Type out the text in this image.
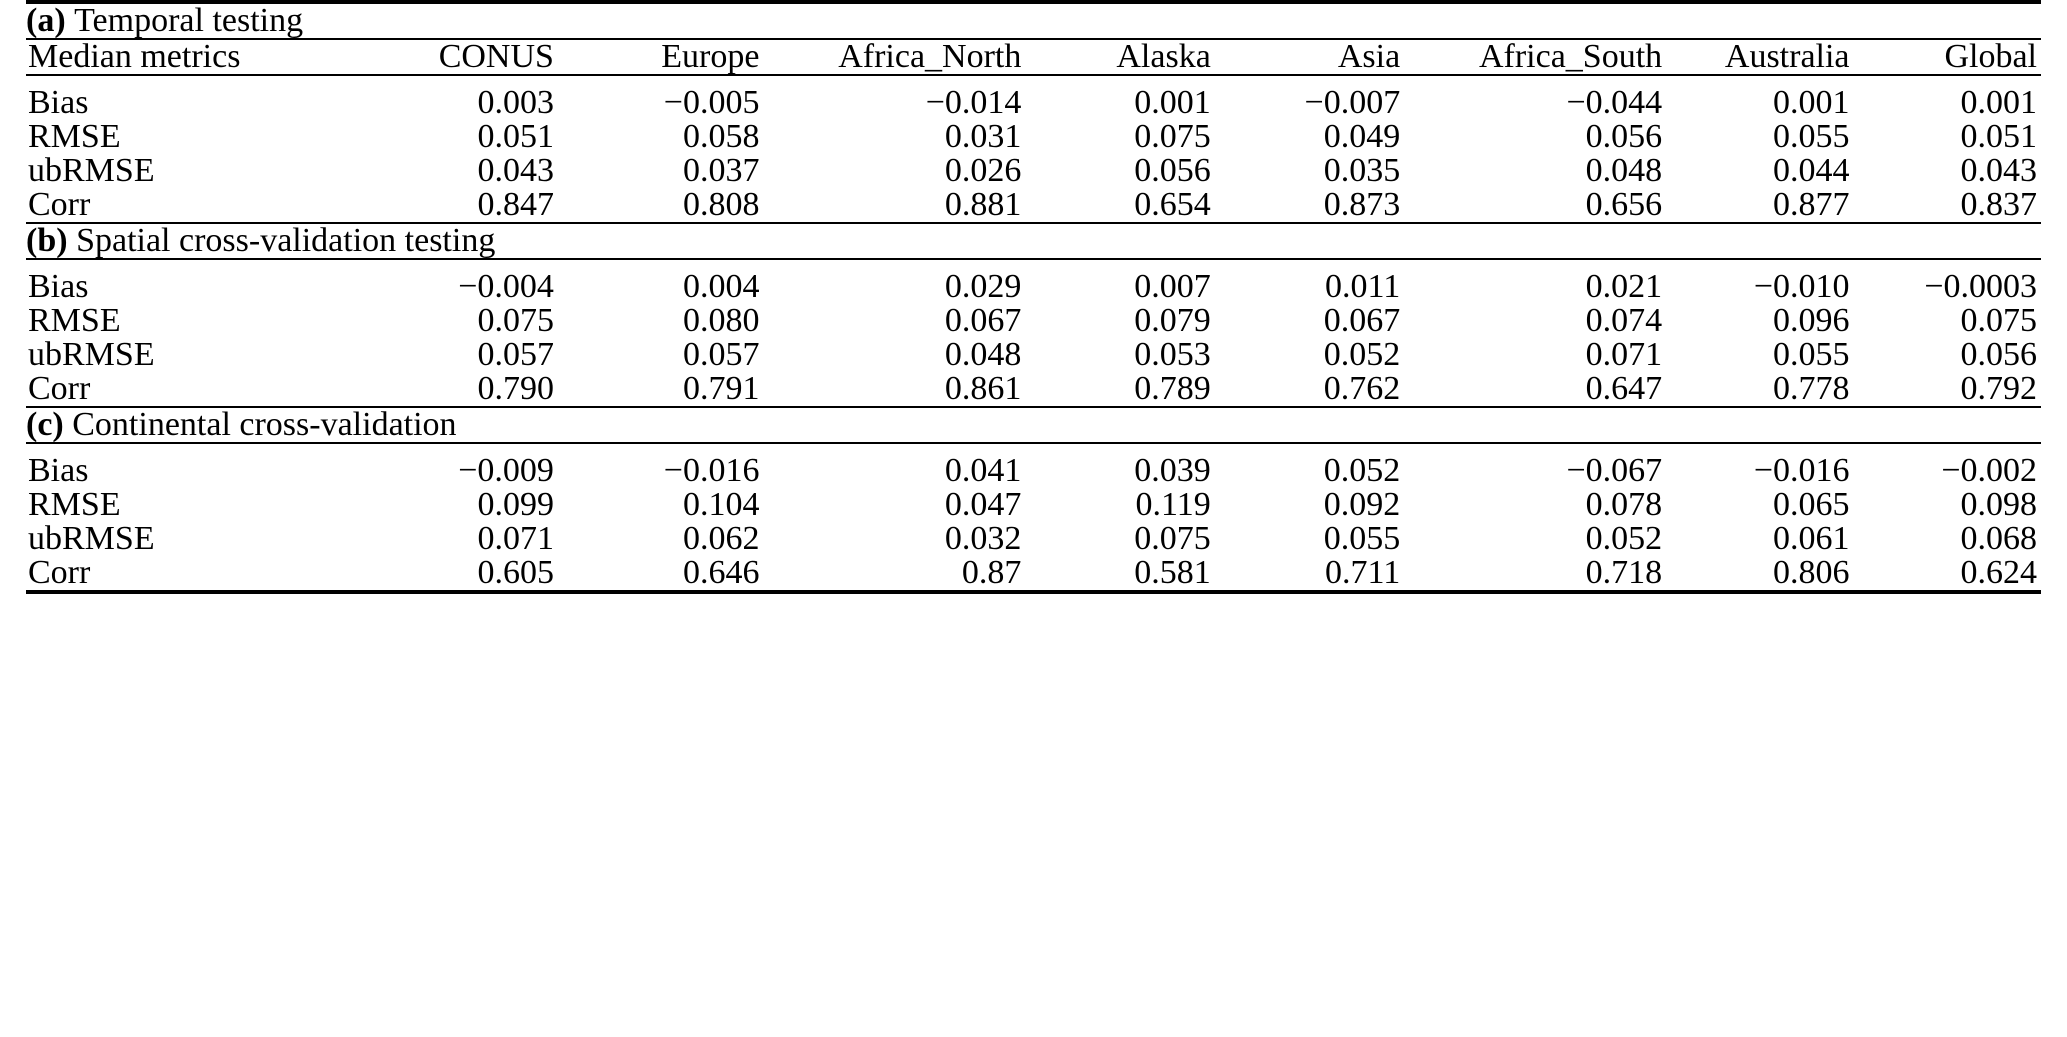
(a) Temporal testing								
Median metrics	CONUS	Europe	Africa_North	Alaska	Asia	Africa_South	Australia	Global

Bias	0.003	−0.005	−0.014	0.001	−0.007	−0.044	0.001	0.001
RMSE	0.051	0.058	0.031	0.075	0.049	0.056	0.055	0.051
ubRMSE	0.043	0.037	0.026	0.056	0.035	0.048	0.044	0.043
Corr	0.847	0.808	0.881	0.654	0.873	0.656	0.877	0.837
(b) Spatial cross-validation testing								

Bias	−0.004	0.004	0.029	0.007	0.011	0.021	−0.010	−0.0003
RMSE	0.075	0.080	0.067	0.079	0.067	0.074	0.096	0.075
ubRMSE	0.057	0.057	0.048	0.053	0.052	0.071	0.055	0.056
Corr	0.790	0.791	0.861	0.789	0.762	0.647	0.778	0.792
(c) Continental cross-validation								

Bias	−0.009	−0.016	0.041	0.039	0.052	−0.067	−0.016	−0.002
RMSE	0.099	0.104	0.047	0.119	0.092	0.078	0.065	0.098
ubRMSE	0.071	0.062	0.032	0.075	0.055	0.052	0.061	0.068
Corr	0.605	0.646	0.87	0.581	0.711	0.718	0.806	0.624
